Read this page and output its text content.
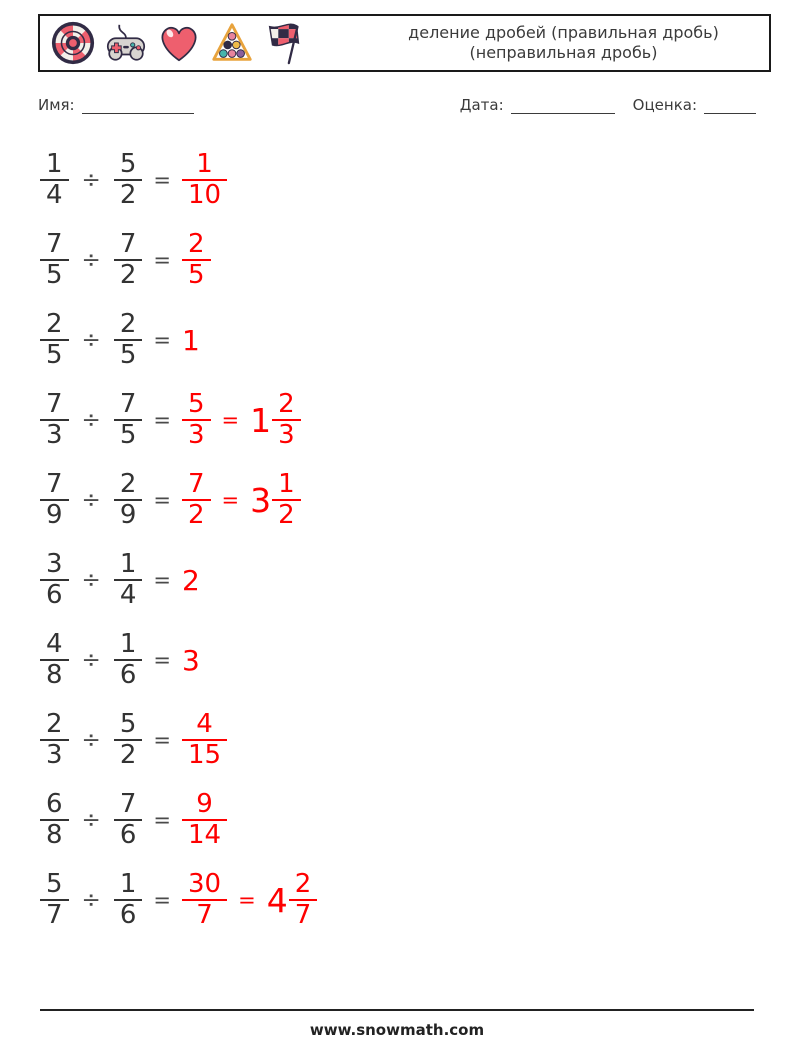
деление дробей (правильная дробь)
(неправильная дробь)
Имя:	Дата:	Оценка:
$\frac{1}{4} \div \frac{5}{2} = \frac{1}{10}$
$\frac{7}{5} \div \frac{7}{2} = \frac{2}{5}$
$\frac{2}{5} \div \frac{2}{5} = 1$
$\frac{7}{3} \div \frac{7}{5} = \frac{5}{3} = 1 \frac{2}{3}$
$\frac{7}{9} \div \frac{2}{9} = \frac{7}{2} = 3 \frac{1}{2}$
$\frac{3}{6} \div \frac{1}{4} = 2$
$\frac{4}{8} \div \frac{1}{6} = 3$
$\frac{2}{3} \div \frac{5}{2} = \frac{4}{15}$
$\frac{6}{8} \div \frac{7}{6} = \frac{9}{14}$
$\frac{5}{7} \div \frac{1}{6} = \frac{30}{7} = 4 \frac{2}{7}$
www.snowmath.com
